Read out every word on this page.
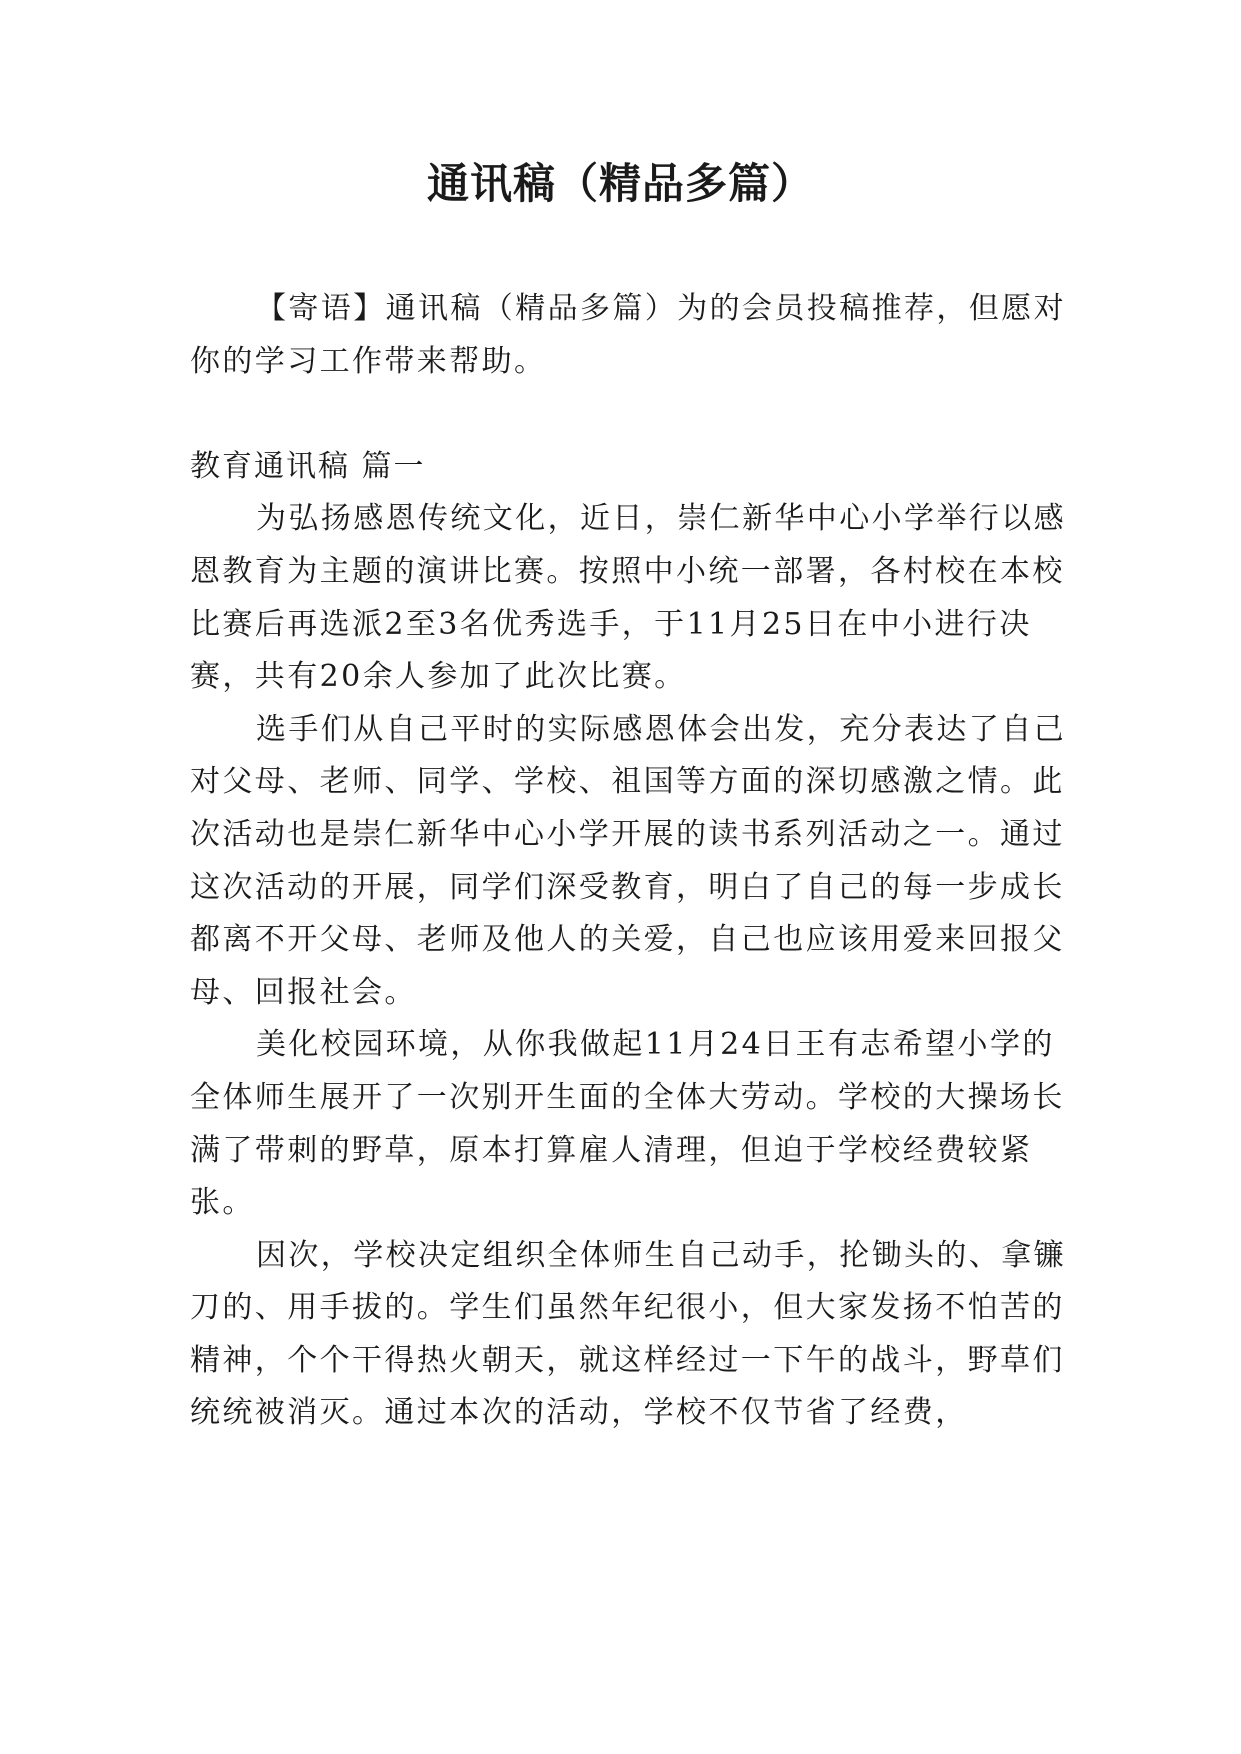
通讯稿（精品多篇）

【寄语】通讯稿（精品多篇）为的会员投稿推荐，但愿对你的学习工作带来帮助。

教育通讯稿 篇一

为弘扬感恩传统文化，近日，崇仁新华中心小学举行以感恩教育为主题的演讲比赛。按照中小统一部署，各村校在本校比赛后再选派2至3名优秀选手，于11月25日在中小进行决赛，共有20余人参加了此次比赛。

选手们从自己平时的实际感恩体会出发，充分表达了自己对父母、老师、同学、学校、祖国等方面的深切感激之情。此次活动也是崇仁新华中心小学开展的读书系列活动之一。通过这次活动的开展，同学们深受教育，明白了自己的每一步成长都离不开父母、老师及他人的关爱，自己也应该用爱来回报父母、回报社会。

美化校园环境，从你我做起11月24日王有志希望小学的全体师生展开了一次别开生面的全体大劳动。学校的大操场长满了带刺的野草，原本打算雇人清理，但迫于学校经费较紧张。

因次，学校决定组织全体师生自己动手，抡锄头的、拿镰刀的、用手拔的。学生们虽然年纪很小，但大家发扬不怕苦的精神，个个干得热火朝天，就这样经过一下午的战斗，野草们统统被消灭。通过本次的活动，学校不仅节省了经费，
